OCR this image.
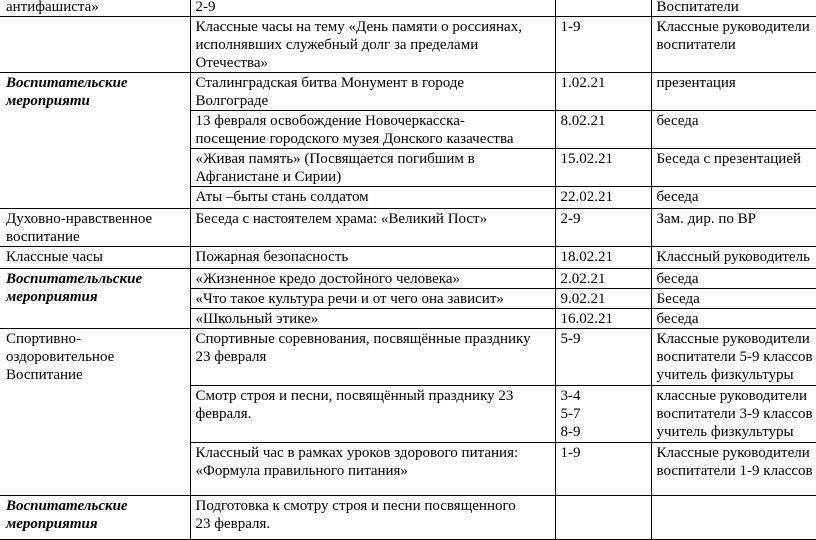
антифашиста»	2-9		Воспитатели

	Классные часы на тему «День памяти о россиянах,
исполнявших служебный долг за пределами
Отечества»	1-9	Классные руководители
воспитатели

Воспитательские
мероприяти	Сталинградская битва Монумент в городе
Волгограде	1.02.21	презентация

	13 февраля освобождение Новочеркасска-
посещение городского музея Донского казачества	8.02.21	беседа

	«Живая память» (Посвящается погибшим в
Афганистане и Сирии)	15.02.21	Беседа с презентацией

	Аты –быты стань солдатом	22.02.21	беседа

Духовно-нравственное
воспитание	Беседа с настоятелем храма: «Великий Пост»	2-9	Зам. дир. по ВР

Классные часы	Пожарная безопасность	18.02.21	Классный руководитель

Воспитательльские
мероприятия	«Жизненное кредо достойного человека»	2.02.21	беседа

	«Что такое культура речи и от чего она зависит»	9.02.21	Беседа

	«Школьный этике»	16.02.21	беседа

Спортивно-
оздоровительное
Воспитание	Спортивные соревнования, посвящённые празднику
23 февраля	5-9	Классные руководители
воспитатели 5-9 классов
учитель физкультуры

	Смотр строя и песни, посвящённый празднику 23
февраля.	3-4
5-7
8-9	классные руководители
воспитатели 3-9 классов
учитель физкультуры

	Классный час в рамках уроков здорового питания:
«Формула правильного питания»	1-9	Классные руководители
воспитатели 1-9 классов

Воспитательские
мероприятия	Подготовка к смотру строя и песни посвященного
23 февраля.		
